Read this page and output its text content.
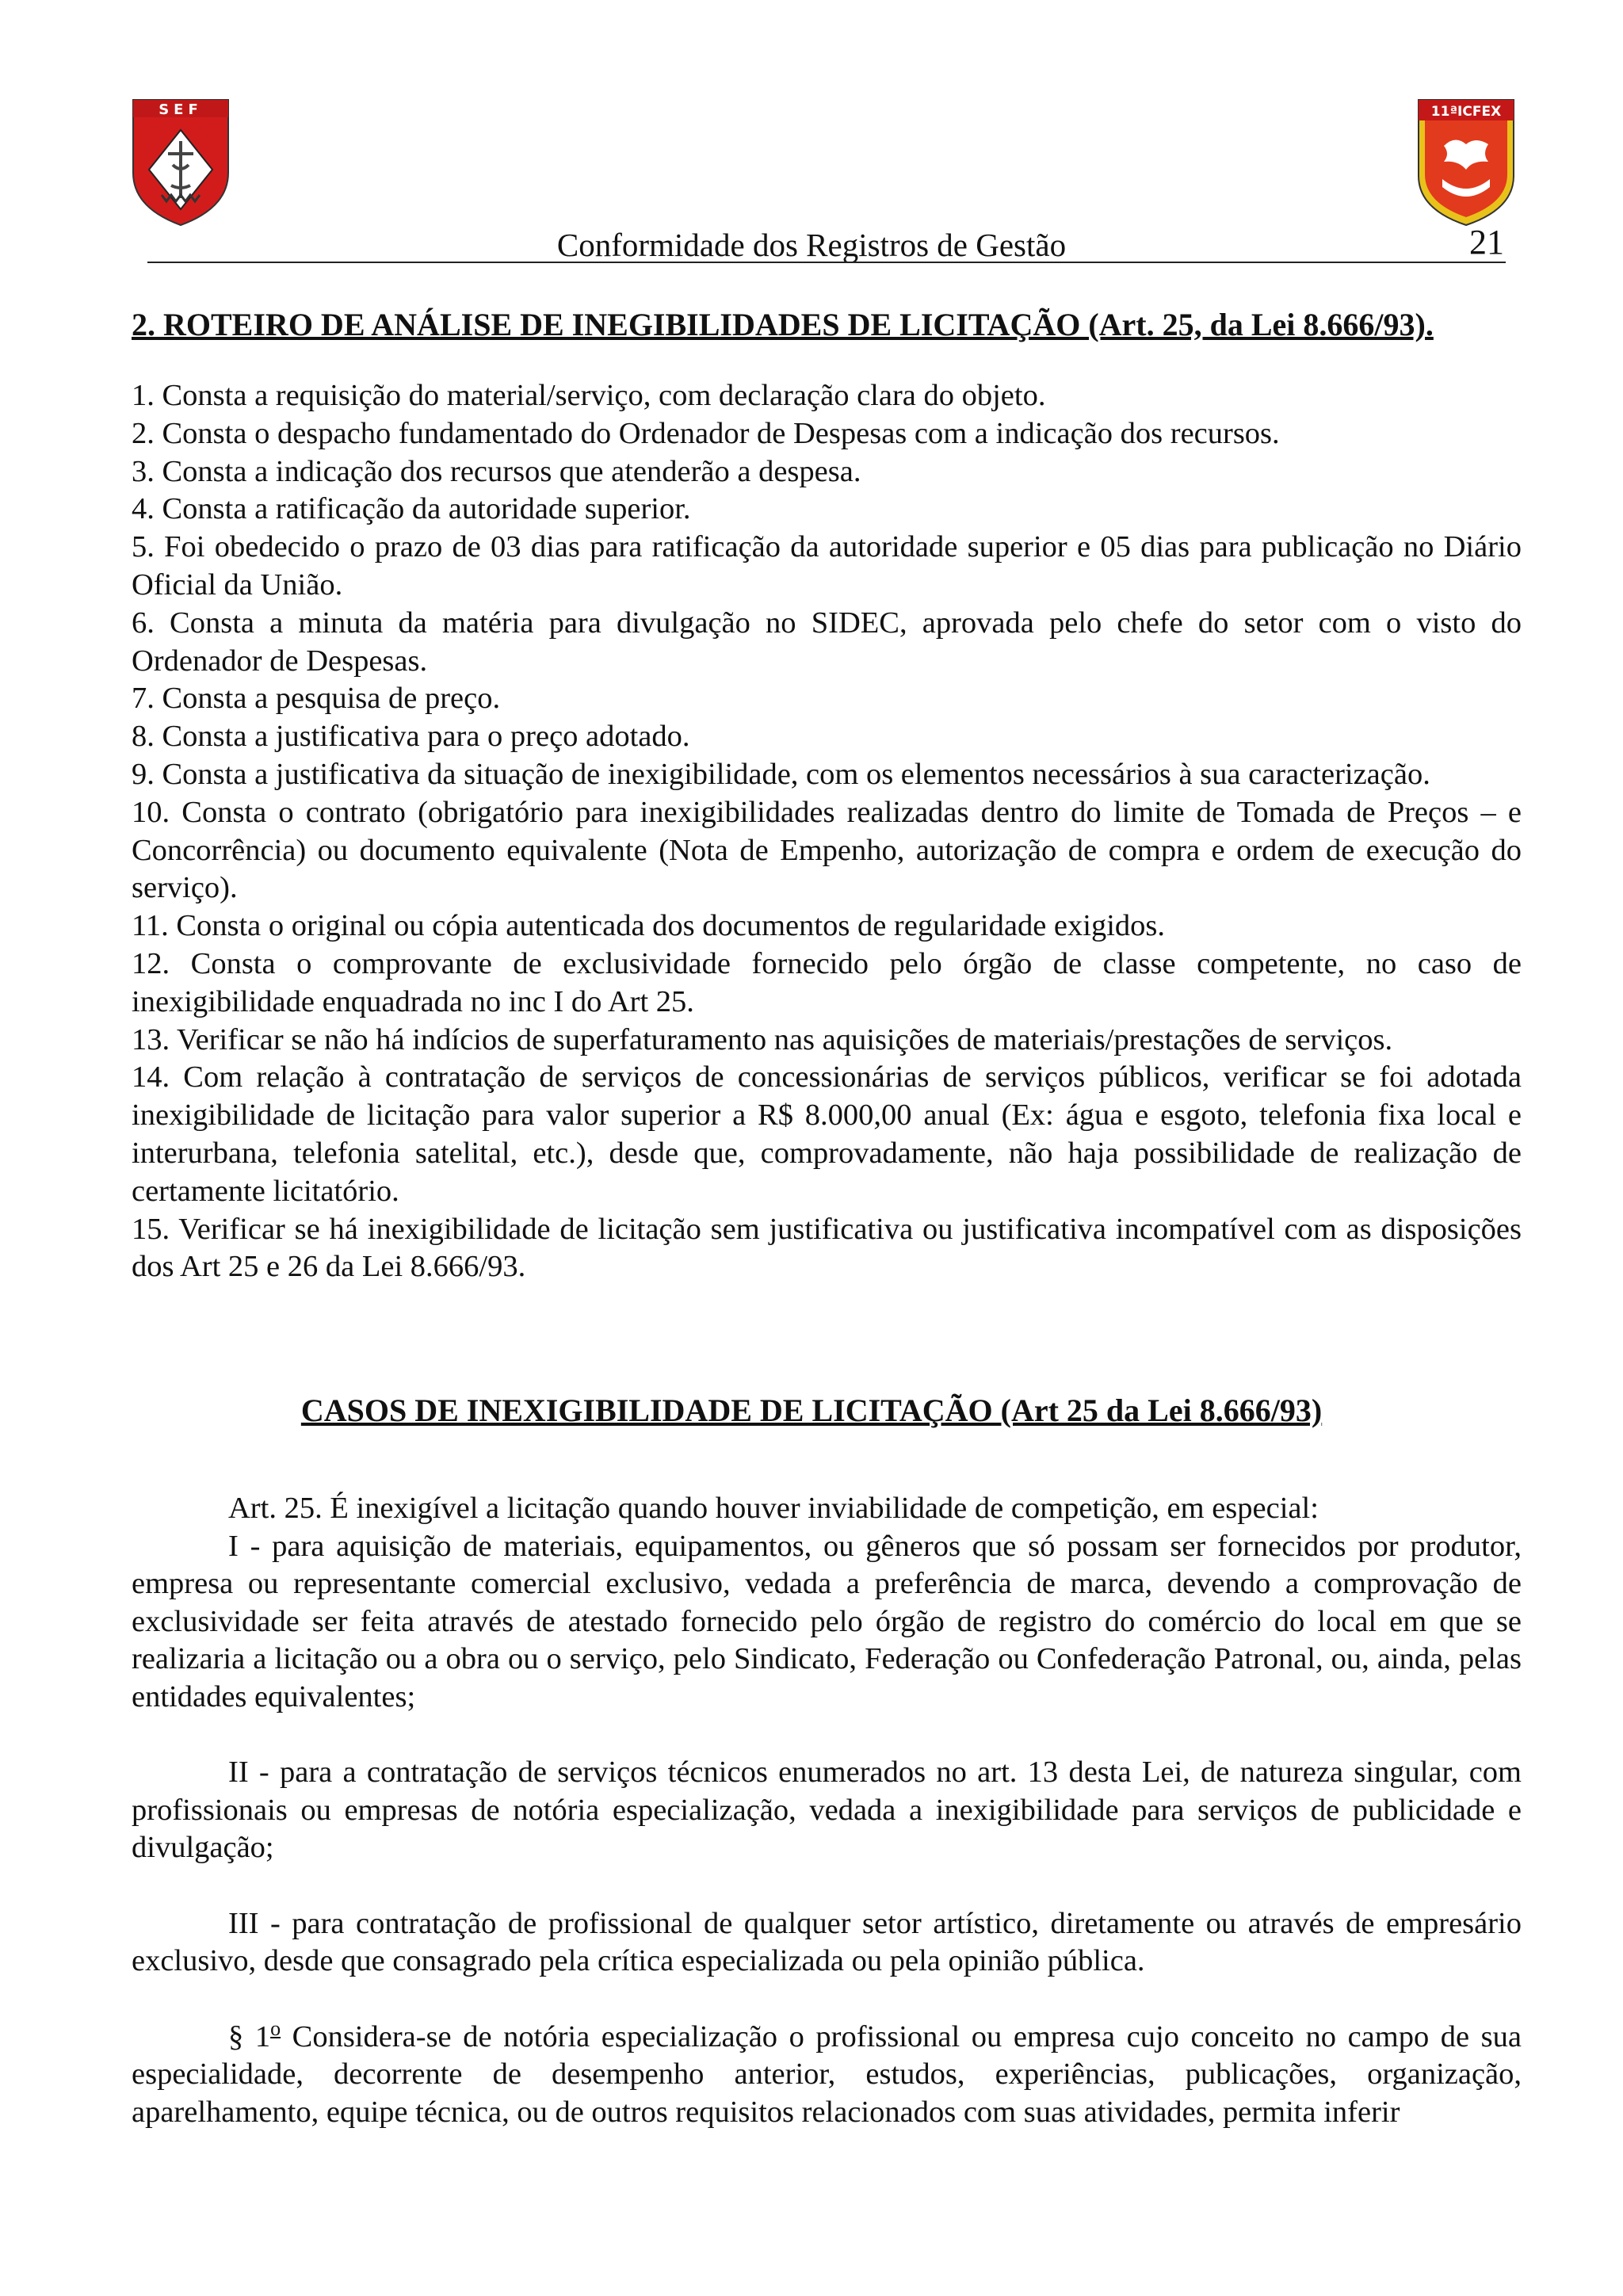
SEF	11ªICFEX
Conformidade dos Registros de Gestão	21
2. ROTEIRO DE ANÁLISE DE INEGIBILIDADES DE LICITAÇÃO (Art. 25, da Lei 8.666/93).

1. Consta a requisição do material/serviço, com declaração clara do objeto.

2. Consta o despacho fundamentado do Ordenador de Despesas com a indicação dos recursos.

3. Consta a indicação dos recursos que atenderão a despesa.

4. Consta a ratificação da autoridade superior.

5. Foi obedecido o prazo de 03 dias para ratificação da autoridade superior e 05 dias para publicação no Diário Oficial da União.

6. Consta a minuta da matéria para divulgação no SIDEC, aprovada pelo chefe do setor com o visto do Ordenador de Despesas.

7. Consta a pesquisa de preço.

8. Consta a justificativa para o preço adotado.

9. Consta a justificativa da situação de inexigibilidade, com os elementos necessários à sua caracterização.

10. Consta o contrato (obrigatório para inexigibilidades realizadas dentro do limite de Tomada de Preços – e Concorrência) ou documento equivalente (Nota de Empenho, autorização de compra e ordem de execução do serviço).

11. Consta o original ou cópia autenticada dos documentos de regularidade exigidos.

12. Consta o comprovante de exclusividade fornecido pelo órgão de classe competente, no caso de inexigibilidade enquadrada no inc I do Art 25.

13. Verificar se não há indícios de superfaturamento nas aquisições de materiais/prestações de serviços.

14. Com relação à contratação de serviços de concessionárias de serviços públicos, verificar se foi adotada inexigibilidade de licitação para valor superior a R$ 8.000,00 anual (Ex: água e esgoto, telefonia fixa local e interurbana, telefonia satelital, etc.), desde que, comprovadamente, não haja possibilidade de realização de certamente licitatório.

15. Verificar se há inexigibilidade de licitação sem justificativa ou justificativa incompatível com as disposições dos Art 25 e 26 da Lei 8.666/93.

CASOS DE INEXIGIBILIDADE DE LICITAÇÃO (Art 25 da Lei 8.666/93)

Art. 25. É inexigível a licitação quando houver inviabilidade de competição, em especial:

I - para aquisição de materiais, equipamentos, ou gêneros que só possam ser fornecidos por produtor, empresa ou representante comercial exclusivo, vedada a preferência de marca, devendo a comprovação de exclusividade ser feita através de atestado fornecido pelo órgão de registro do comércio do local em que se realizaria a licitação ou a obra ou o serviço, pelo Sindicato, Federação ou Confederação Patronal, ou, ainda, pelas entidades equivalentes;

II - para a contratação de serviços técnicos enumerados no art. 13 desta Lei, de natureza singular, com profissionais ou empresas de notória especialização, vedada a inexigibilidade para serviços de publicidade e divulgação;

III - para contratação de profissional de qualquer setor artístico, diretamente ou através de empresário exclusivo, desde que consagrado pela crítica especializada ou pela opinião pública.

§ 1$^o$ Considera-se de notória especialização o profissional ou empresa cujo conceito no campo de sua especialidade, decorrente de desempenho anterior, estudos, experiências, publicações, organização, aparelhamento, equipe técnica, ou de outros requisitos relacionados com suas atividades, permita inferir
